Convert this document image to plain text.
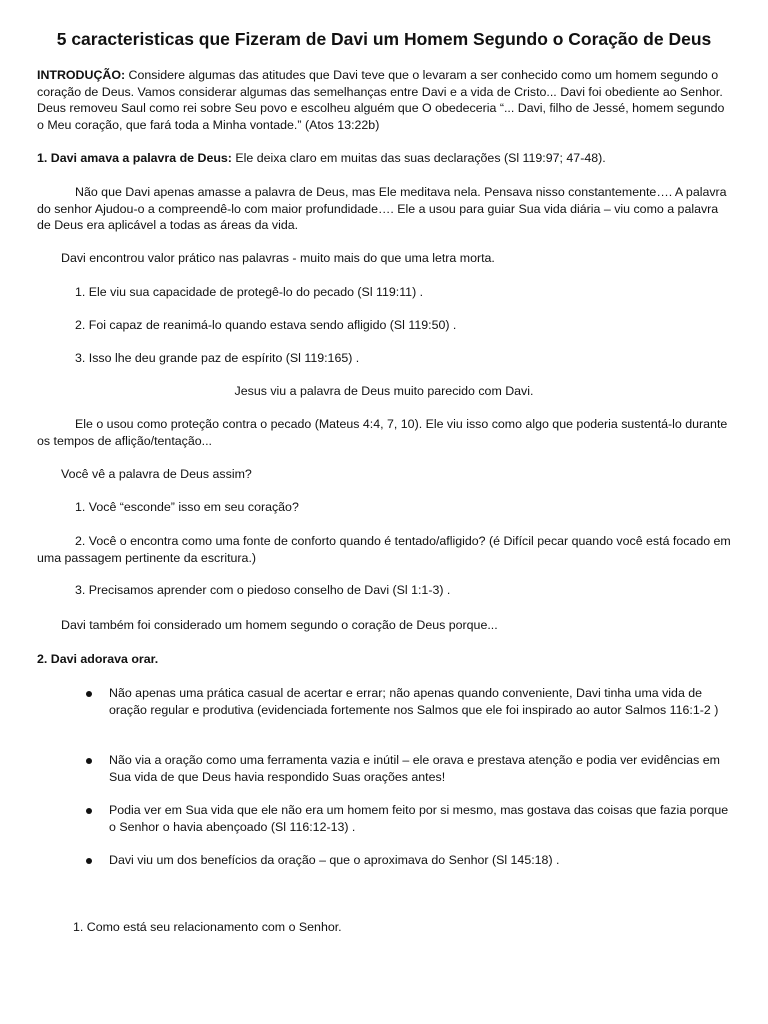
5 caracteristicas que Fizeram de Davi um Homem Segundo o Coração de Deus
INTRODUÇÃO: Considere algumas das atitudes que Davi teve que o levaram a ser conhecido como um homem segundo o coração de Deus. Vamos considerar algumas das semelhanças entre Davi e a vida de Cristo... Davi foi obediente ao Senhor. Deus removeu Saul como rei sobre Seu povo e escolheu alguém que O obedeceria “... Davi, filho de Jessé, homem segundo o Meu coração, que fará toda a Minha vontade.” (Atos 13:22b)
1. Davi amava a palavra de Deus: Ele deixa claro em muitas das suas declarações (Sl 119:97; 47-48).
Não que Davi apenas amasse a palavra de Deus, mas Ele meditava nela. Pensava nisso constantemente…. A palavra do senhor Ajudou-o a compreendê-lo com maior profundidade…. Ele a usou para guiar Sua vida diária – viu como a palavra de Deus era aplicável a todas as áreas da vida.
Davi encontrou valor prático nas palavras - muito mais do que uma letra morta.
1. Ele viu sua capacidade de protegê-lo do pecado (Sl 119:11) .
2. Foi capaz de reanimá-lo quando estava sendo afligido (Sl 119:50) .
3. Isso lhe deu grande paz de espírito (Sl 119:165) .
Jesus viu a palavra de Deus muito parecido com Davi.
Ele o usou como proteção contra o pecado (Mateus 4:4, 7, 10). Ele viu isso como algo que poderia sustentá-lo durante os tempos de aflição/tentação...
Você vê a palavra de Deus assim?
1. Você “esconde” isso em seu coração?
2. Você o encontra como uma fonte de conforto quando é tentado/afligido? (é Difícil pecar quando você está focado em uma passagem pertinente da escritura.)
3. Precisamos aprender com o piedoso conselho de Davi (Sl 1:1-3) .
Davi também foi considerado um homem segundo o coração de Deus porque...
2. Davi adorava orar.
Não apenas uma prática casual de acertar e errar; não apenas quando conveniente, Davi tinha uma vida de oração regular e produtiva (evidenciada fortemente nos Salmos que ele foi inspirado ao autor Salmos 116:1-2 )
Não via a oração como uma ferramenta vazia e inútil – ele orava e prestava atenção e podia ver evidências em Sua vida de que Deus havia respondido Suas orações antes!
Podia ver em Sua vida que ele não era um homem feito por si mesmo, mas gostava das coisas que fazia porque o Senhor o havia abençoado (Sl 116:12-13) .
Davi viu um dos benefícios da oração – que o aproximava do Senhor (Sl 145:18) .
1. Como está seu relacionamento com o Senhor.
